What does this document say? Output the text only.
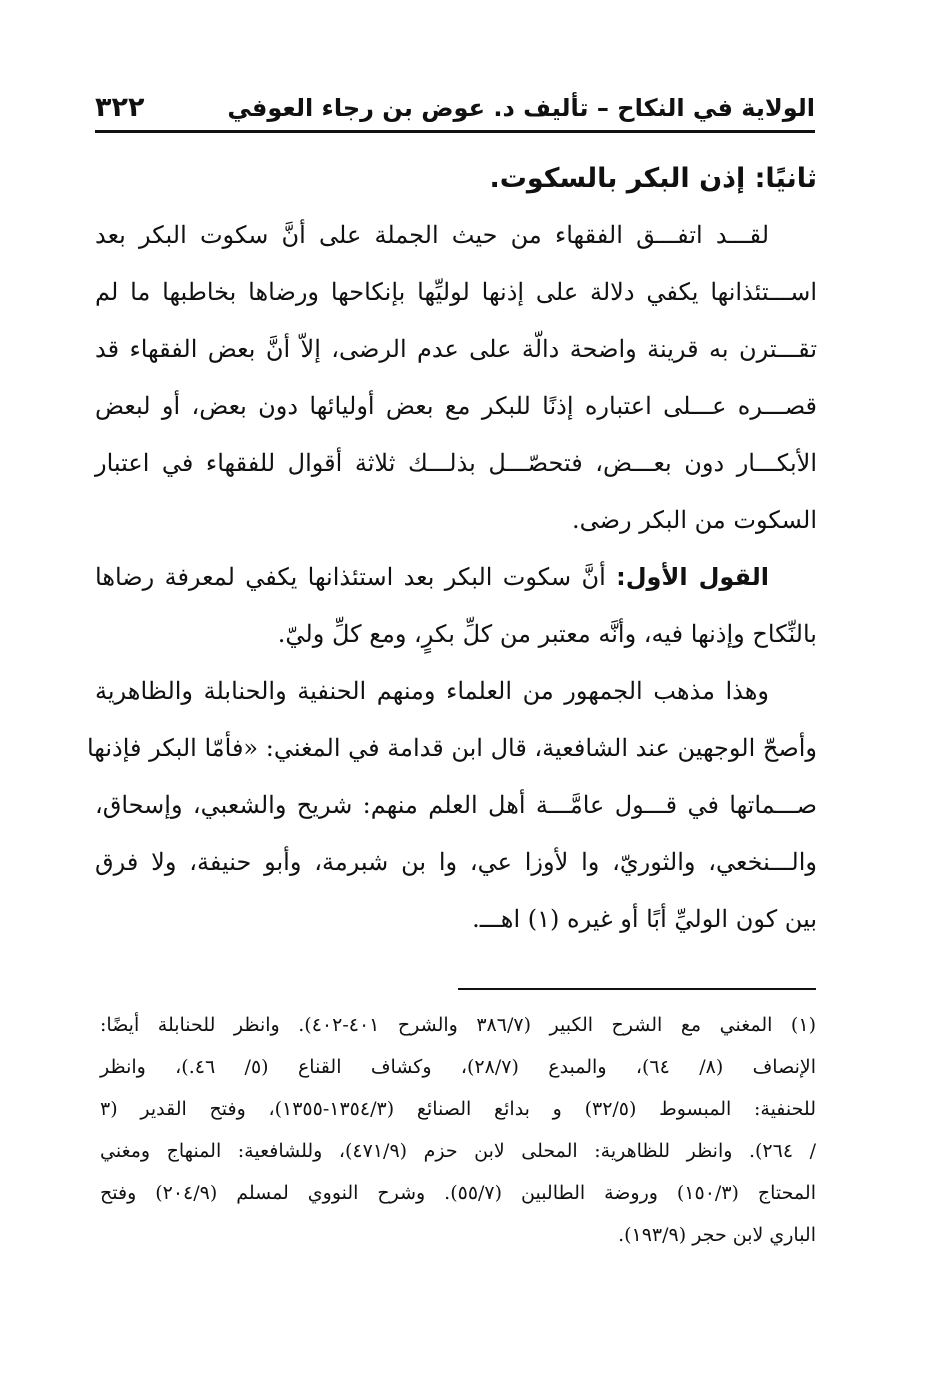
الولاية في النكاح – تأليف د. عوض بن رجاء العوفي
٣٢٢
ثانيًا: إذن البكر بالسكوت.
لقـــد اتفـــق الفقهاء من حيث الجملة على أنَّ سكوت البكر بعد
اســـتئذانها يكفي دلالة على إذنها لوليِّها بإنكاحها ورضاها بخاطبها ما لم
تقـــترن به قرينة واضحة دالّة على عدم الرضى، إلاّ أنَّ بعض الفقهاء قد
قصـــره عـــلى اعتباره إذنًا للبكر مع بعض أوليائها دون بعض، أو لبعض
الأبكـــار دون بعـــض، فتحصّـــل بذلـــك ثلاثة أقوال للفقهاء في اعتبار
السكوت من البكر رضى.
القول الأول: أنَّ سكوت البكر بعد استئذانها يكفي لمعرفة رضاها
بالنِّكاح وإذنها فيه، وأنَّه معتبر من كلِّ بكرٍ، ومع كلِّ وليّ.
وهذا مذهب الجمهور من العلماء ومنهم الحنفية والحنابلة والظاهرية
وأصحّ الوجهين عند الشافعية، قال ابن قدامة في المغني: «فأمّا البكر فإذنها
صـــماتها في قـــول عامَّـــة أهل العلم منهم: شريح والشعبي، وإسحاق،
والـــنخعي، والثوريّ، وا لأوزا عي، وا بن شبرمة، وأبو حنيفة، ولا فرق
بين كون الوليِّ أبًا أو غيره (١) اهـــ.
(١) المغني مع الشرح الكبير (٣٨٦/٧ والشرح ٤٠١-٤٠٢). وانظر للحنابلة أيضًا:
الإنصاف (٨/ ٦٤)، والمبدع (٢٨/٧)، وكشاف القناع (٥/ ٤٦.)، وانظر
للحنفية: المبسوط (٣٢/٥) و بدائع الصنائع (١٣٥٤/٣-١٣٥٥)، وفتح القدير (٣
/ ٢٦٤). وانظر للظاهرية: المحلى لابن حزم (٤٧١/٩)، وللشافعية: المنهاج ومغني
المحتاج (١٥٠/٣) وروضة الطالبين (٥٥/٧). وشرح النووي لمسلم (٢٠٤/٩) وفتح
الباري لابن حجر (١٩٣/٩).
